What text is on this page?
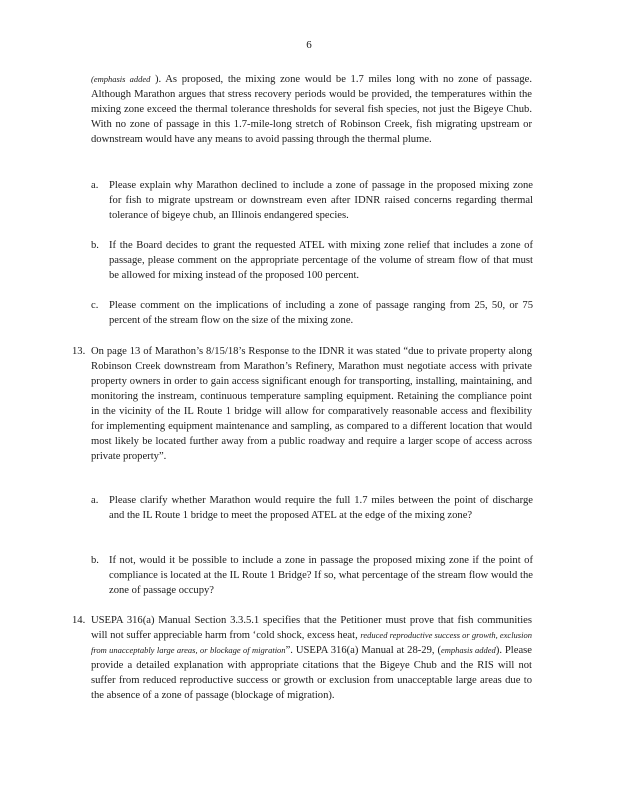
6

(emphasis added ). As proposed, the mixing zone would be 1.7 miles long with no zone of passage. Although Marathon argues that stress recovery periods would be provided, the temperatures within the mixing zone exceed the thermal tolerance thresholds for several fish species, not just the Bigeye Chub. With no zone of passage in this 1.7-mile-long stretch of Robinson Creek, fish migrating upstream or downstream would have any means to avoid passing through the thermal plume.

a. Please explain why Marathon declined to include a zone of passage in the proposed mixing zone for fish to migrate upstream or downstream even after IDNR raised concerns regarding thermal tolerance of bigeye chub, an Illinois endangered species.

b. If the Board decides to grant the requested ATEL with mixing zone relief that includes a zone of passage, please comment on the appropriate percentage of the volume of stream flow of that must be allowed for mixing instead of the proposed 100 percent.

c. Please comment on the implications of including a zone of passage ranging from 25, 50, or 75 percent of the stream flow on the size of the mixing zone.

13. On page 13 of Marathon’s 8/15/18’s Response to the IDNR it was stated “due to private property along Robinson Creek downstream from Marathon’s Refinery, Marathon must negotiate access with private property owners in order to gain access significant enough for transporting, installing, maintaining, and monitoring the instream, continuous temperature sampling equipment. Retaining the compliance point in the vicinity of the IL Route 1 bridge will allow for comparatively reasonable access and flexibility for implementing equipment maintenance and sampling, as compared to a different location that would most likely be located further away from a public roadway and require a larger scope of access across private property”.

a. Please clarify whether Marathon would require the full 1.7 miles between the point of discharge and the IL Route 1 bridge to meet the proposed ATEL at the edge of the mixing zone?

b. If not, would it be possible to include a zone in passage the proposed mixing zone if the point of compliance is located at the IL Route 1 Bridge? If so, what percentage of the stream flow would the zone of passage occupy?

14. USEPA 316(a) Manual Section 3.3.5.1 specifies that the Petitioner must prove that fish communities will not suffer appreciable harm from ‘cold shock, excess heat, reduced reproductive success or growth, exclusion from unacceptably large areas, or blockage of migration”. USEPA 316(a) Manual at 28-29, (emphasis added). Please provide a detailed explanation with appropriate citations that the Bigeye Chub and the RIS will not suffer from reduced reproductive success or growth or exclusion from unacceptable large areas due to the absence of a zone of passage (blockage of migration).
